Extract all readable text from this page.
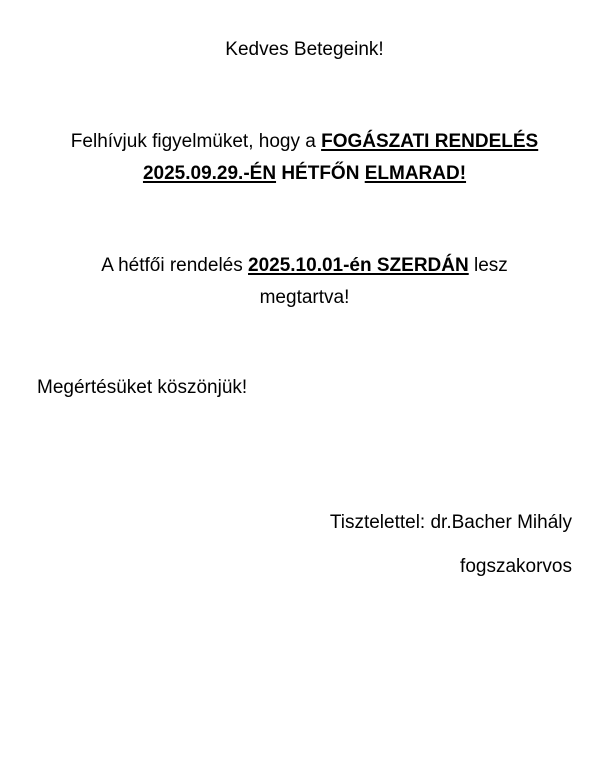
Kedves Betegeink!
Felhívjuk figyelmüket, hogy a FOGÁSZATI RENDELÉS
2025.09.29.-ÉN HÉTFŐN ELMARAD!
A hétfői rendelés 2025.10.01-én SZERDÁN lesz
megtartva!
Megértésüket köszönjük!
Tisztelettel: dr.Bacher Mihály
fogszakorvos
